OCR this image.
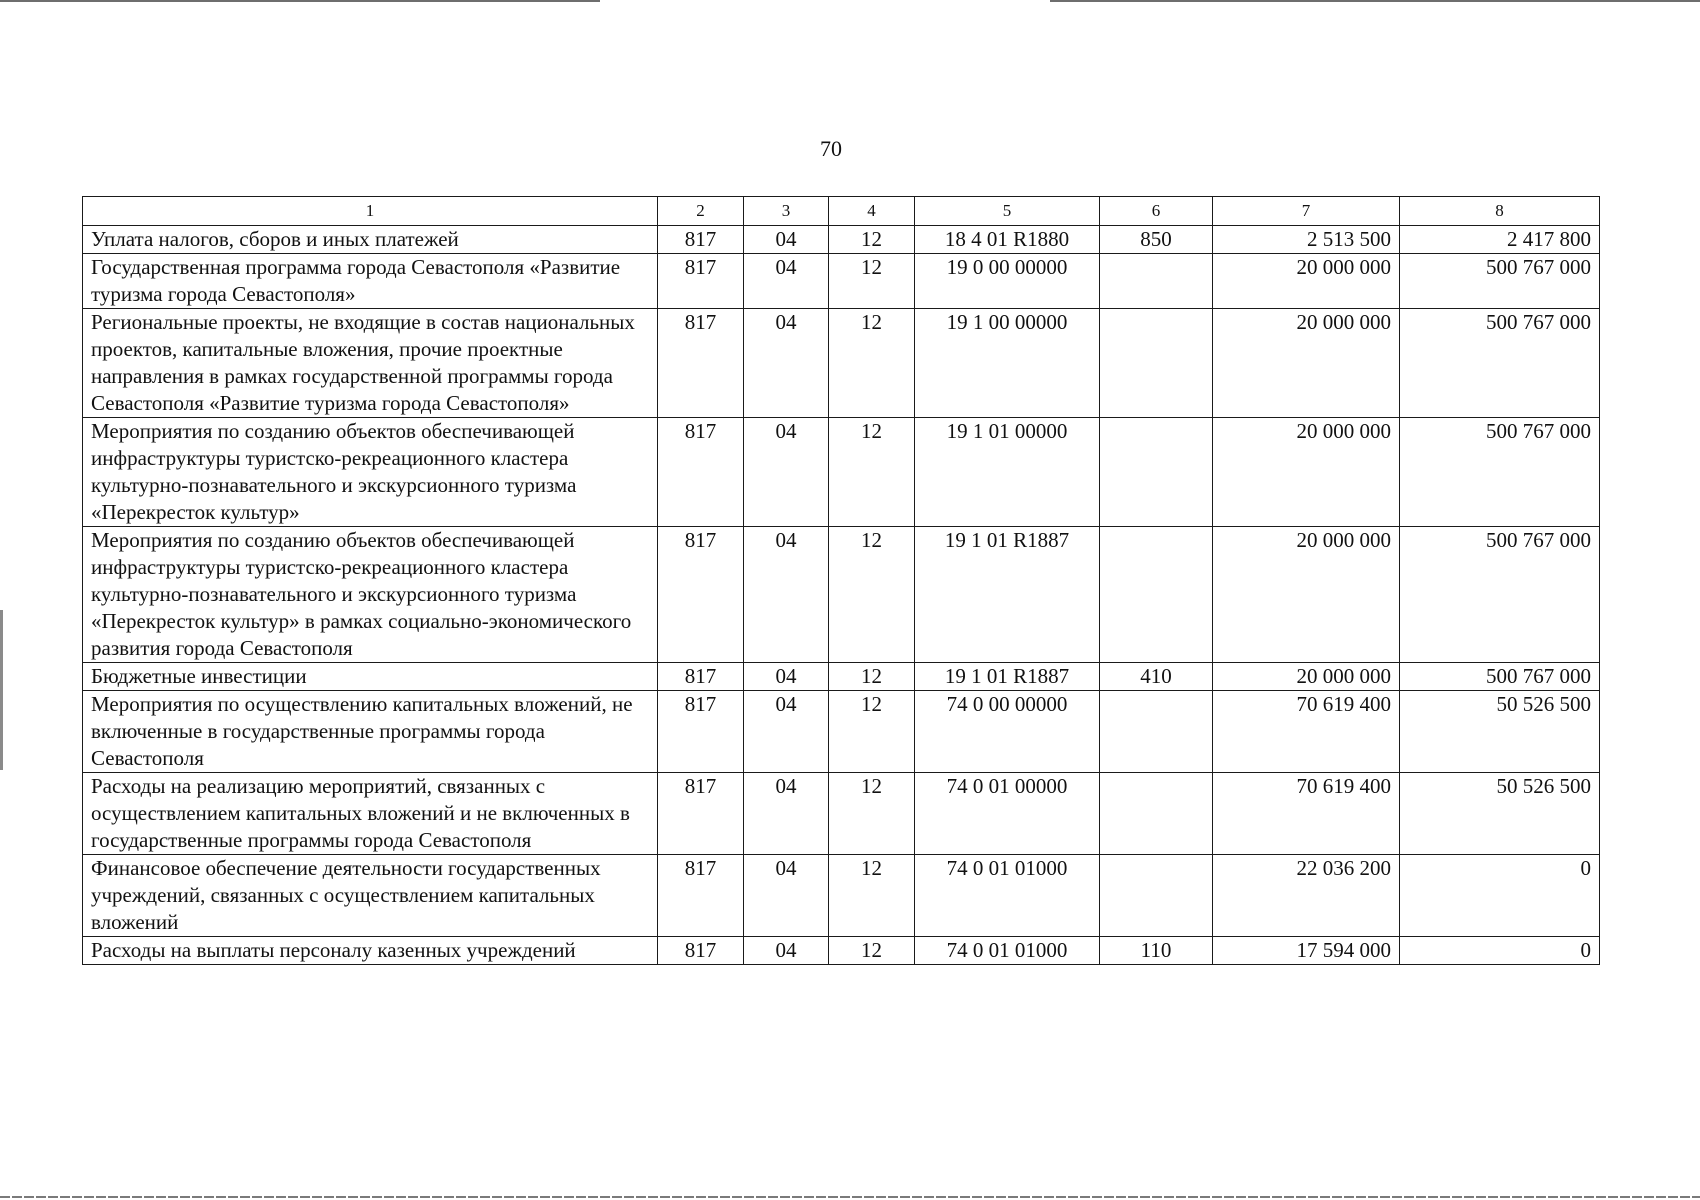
70
1	2	3	4	5	6	7	8
Уплата налогов, сборов и иных платежей	817	04	12	18 4 01 R1880	850	2 513 500	2 417 800
Государственная программа города Севастополя «Развитие туризма города Севастополя»	817	04	12	19 0 00 00000		20 000 000	500 767 000
Региональные проекты, не входящие в состав национальных проектов, капитальные вложения, прочие проектные направления в рамках государственной программы города Севастополя «Развитие туризма города Севастополя»	817	04	12	19 1 00 00000		20 000 000	500 767 000
Мероприятия по созданию объектов обеспечивающей инфраструктуры туристско-рекреационного кластера культурно-познавательного и экскурсионного туризма «Перекресток культур»	817	04	12	19 1 01 00000		20 000 000	500 767 000
Мероприятия по созданию объектов обеспечивающей инфраструктуры туристско-рекреационного кластера культурно-познавательного и экскурсионного туризма «Перекресток культур» в рамках социально-экономического развития города Севастополя	817	04	12	19 1 01 R1887		20 000 000	500 767 000
Бюджетные инвестиции	817	04	12	19 1 01 R1887	410	20 000 000	500 767 000
Мероприятия по осуществлению капитальных вложений, не включенные в государственные программы города Севастополя	817	04	12	74 0 00 00000		70 619 400	50 526 500
Расходы на реализацию мероприятий, связанных с осуществлением капитальных вложений и не включенных в государственные программы города Севастополя	817	04	12	74 0 01 00000		70 619 400	50 526 500
Финансовое обеспечение деятельности государственных учреждений, связанных с осуществлением капитальных вложений	817	04	12	74 0 01 01000		22 036 200	0
Расходы на выплаты персоналу казенных учреждений	817	04	12	74 0 01 01000	110	17 594 000	0
